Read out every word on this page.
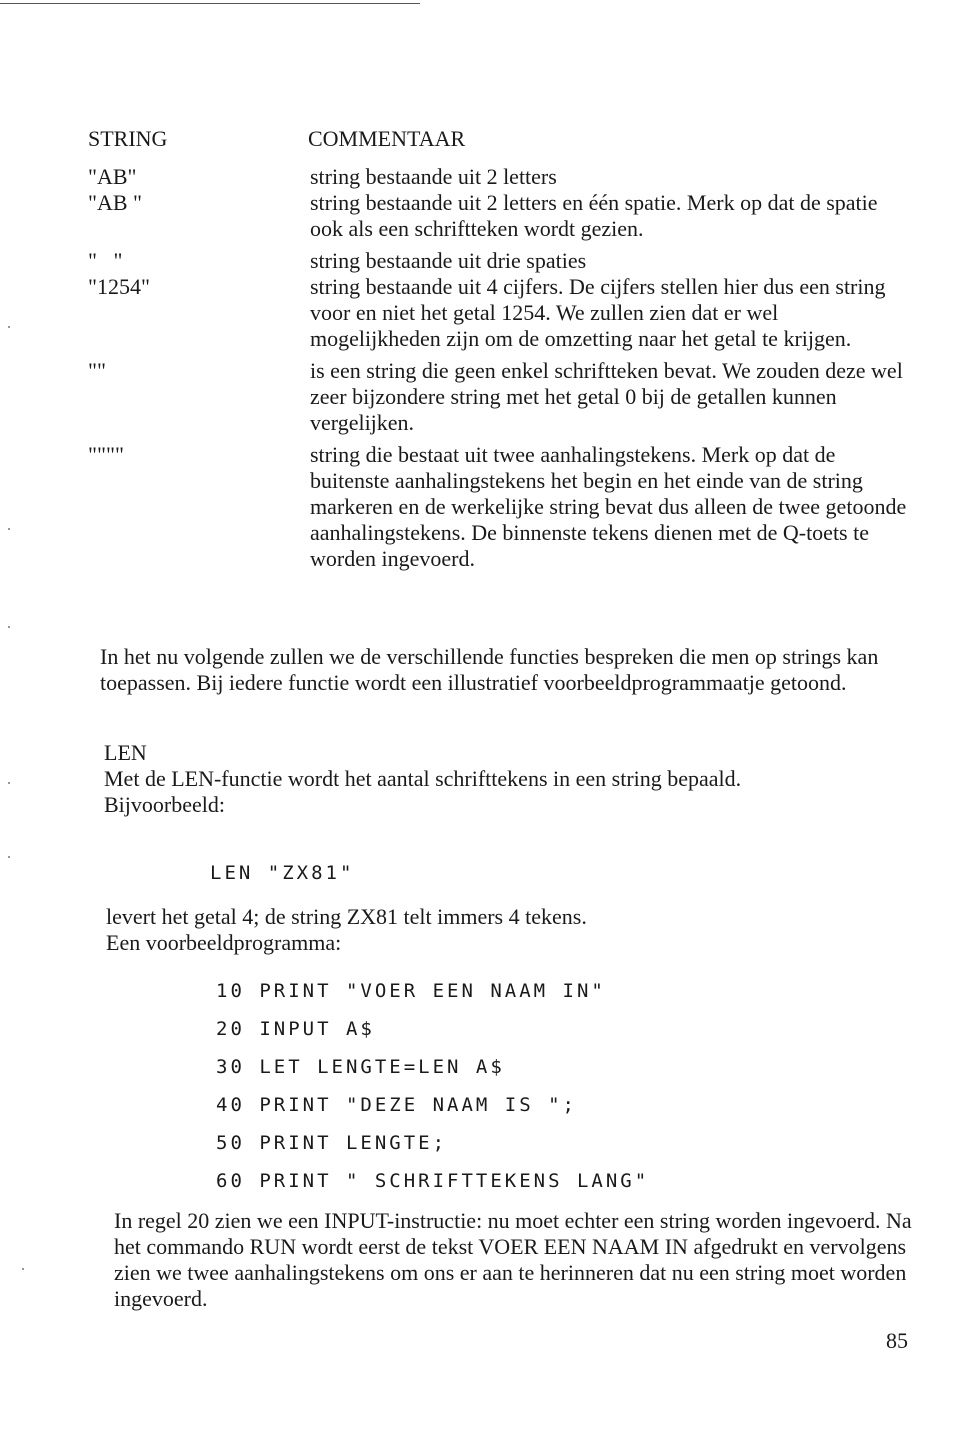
STRING	COMMENTAAR
"AB"	string bestaande uit 2 letters
"AB "	string bestaande uit 2 letters en één spatie. Merk op dat de spatie ook als een schriftteken wordt gezien.
"   "	string bestaande uit drie spaties
"1254"	string bestaande uit 4 cijfers. De cijfers stellen hier dus een string voor en niet het getal 1254. We zullen zien dat er wel mogelijkheden zijn om de omzetting naar het getal te krijgen.
""	is een string die geen enkel schriftteken bevat. We zouden deze wel zeer bijzondere string met het getal 0 bij de getallen kunnen vergelijken.
""""	string die bestaat uit twee aanhalingstekens. Merk op dat de buitenste aanhalingstekens het begin en het einde van de string markeren en de werkelijke string bevat dus alleen de twee getoonde aanhalingstekens. De binnenste tekens dienen met de Q-toets te worden ingevoerd.
In het nu volgende zullen we de verschillende functies bespreken die men op strings kan toepassen. Bij iedere functie wordt een illustratief voorbeeldprogrammaatje getoond.
LEN
Met de LEN-functie wordt het aantal schrifttekens in een string bepaald.
Bijvoorbeeld:
LEN "ZX81"
levert het getal 4; de string ZX81 telt immers 4 tekens.
Een voorbeeldprogramma:
10 PRINT "VOER EEN NAAM IN"
20 INPUT A$
30 LET LENGTE=LEN A$
40 PRINT "DEZE NAAM IS ";
50 PRINT LENGTE;
60 PRINT " SCHRIFTTEKENS LANG"
In regel 20 zien we een INPUT-instructie: nu moet echter een string worden ingevoerd. Na het commando RUN wordt eerst de tekst VOER EEN NAAM IN afgedrukt en vervolgens zien we twee aanhalingstekens om ons er aan te herinneren dat nu een string moet worden ingevoerd.
85
